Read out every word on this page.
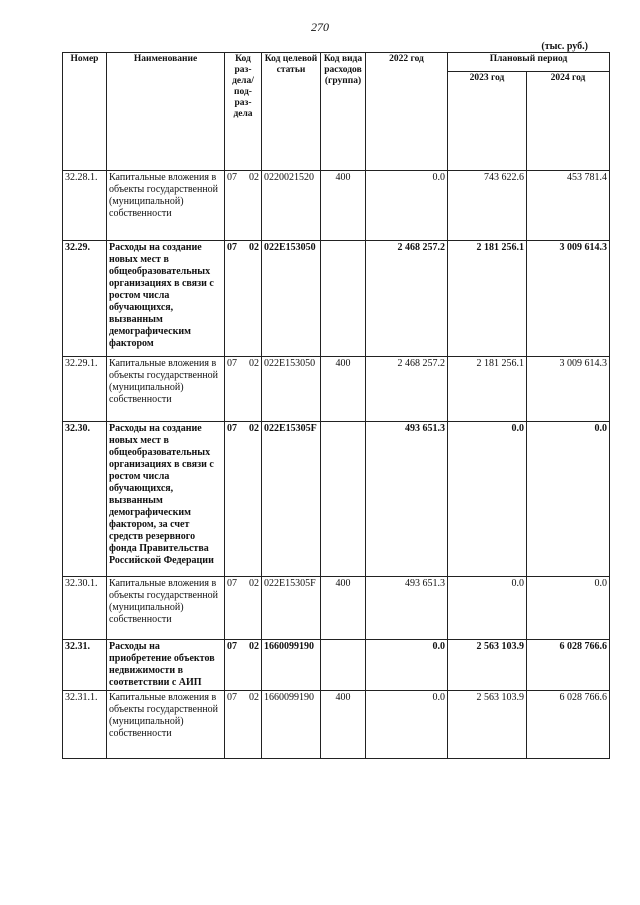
270
(тыс. руб.)
Номер	Наименование	Код раз-дела/ под-раз-дела	Код целевой статьи	Код вида расходов (группа)	2022 год	Плановый период	
						2023 год	2024 год
32.28.1.	Капитальные вложения в объекты государственной (муниципальной) собственности	07 02	0220021520	400	0.0	743 622.6	453 781.4
32.29.	Расходы на создание новых мест в общеобразовательных организациях в связи с ростом числа обучающихся, вызванным демографическим фактором	07 02	022E153050		2 468 257.2	2 181 256.1	3 009 614.3
32.29.1.	Капитальные вложения в объекты государственной (муниципальной) собственности	07 02	022E153050	400	2 468 257.2	2 181 256.1	3 009 614.3
32.30.	Расходы на создание новых мест в общеобразовательных организациях в связи с ростом числа обучающихся, вызванным демографическим фактором, за счет средств резервного фонда Правительства Российской Федерации	07 02	022E15305F		493 651.3	0.0	0.0
32.30.1.	Капитальные вложения в объекты государственной (муниципальной) собственности	07 02	022E15305F	400	493 651.3	0.0	0.0
32.31.	Расходы на приобретение объектов недвижимости в соответствии с АИП	07 02	1660099190		0.0	2 563 103.9	6 028 766.6
32.31.1.	Капитальные вложения в объекты государственной (муниципальной) собственности	07 02	1660099190	400	0.0	2 563 103.9	6 028 766.6
